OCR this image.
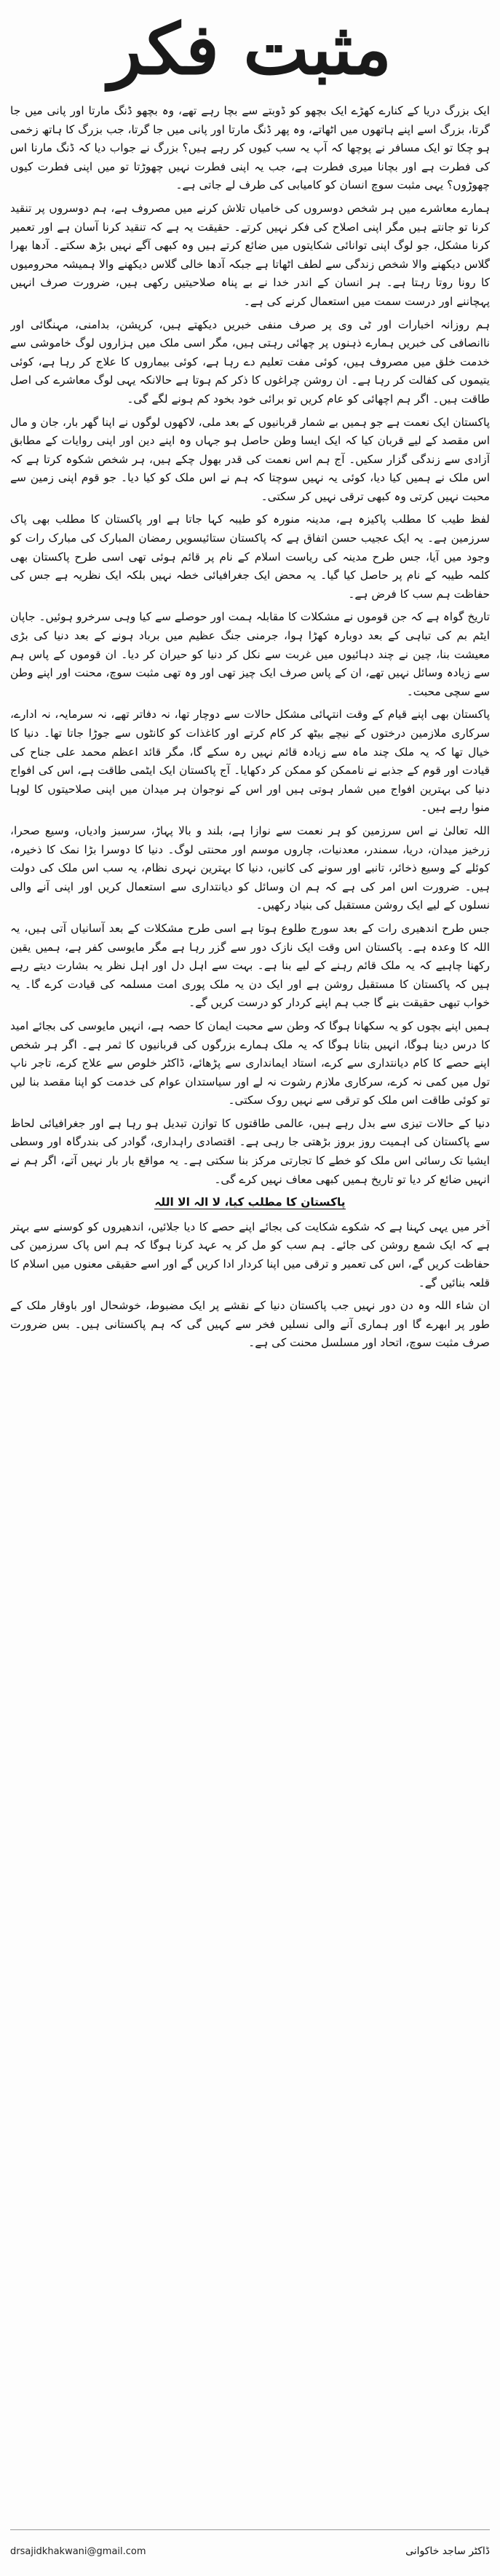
مثبت فکر

ایک بزرگ دریا کے کنارے کھڑے ایک بچھو کو ڈوبتے سے بچا رہے تھے، وہ بچھو ڈنگ مارتا اور پانی میں جا گرتا، بزرگ اسے اپنے ہاتھوں میں اٹھاتے، وہ پھر ڈنگ مارتا اور پانی میں جا گرتا، جب بزرگ کا ہاتھ زخمی ہو چکا تو ایک مسافر نے پوچھا کہ آپ یہ سب کیوں کر رہے ہیں؟ بزرگ نے جواب دیا کہ ڈنگ مارنا اس کی فطرت ہے اور بچانا میری فطرت ہے، جب یہ اپنی فطرت نہیں چھوڑتا تو میں اپنی فطرت کیوں چھوڑوں؟ یہی مثبت سوچ انسان کو کامیابی کی طرف لے جاتی ہے۔

ہمارے معاشرے میں ہر شخص دوسروں کی خامیاں تلاش کرنے میں مصروف ہے، ہم دوسروں پر تنقید کرنا تو جانتے ہیں مگر اپنی اصلاح کی فکر نہیں کرتے۔ حقیقت یہ ہے کہ تنقید کرنا آسان ہے اور تعمیر کرنا مشکل، جو لوگ اپنی توانائی شکایتوں میں ضائع کرتے ہیں وہ کبھی آگے نہیں بڑھ سکتے۔ آدھا بھرا گلاس دیکھنے والا شخص زندگی سے لطف اٹھاتا ہے جبکہ آدھا خالی گلاس دیکھنے والا ہمیشہ محرومیوں کا رونا روتا رہتا ہے۔ ہر انسان کے اندر خدا نے بے پناہ صلاحیتیں رکھی ہیں، ضرورت صرف انہیں پہچاننے اور درست سمت میں استعمال کرنے کی ہے۔

ہم روزانہ اخبارات اور ٹی وی پر صرف منفی خبریں دیکھتے ہیں، کرپشن، بدامنی، مہنگائی اور ناانصافی کی خبریں ہمارے ذہنوں پر چھائی رہتی ہیں، مگر اسی ملک میں ہزاروں لوگ خاموشی سے خدمت خلق میں مصروف ہیں، کوئی مفت تعلیم دے رہا ہے، کوئی بیماروں کا علاج کر رہا ہے، کوئی یتیموں کی کفالت کر رہا ہے۔ ان روشن چراغوں کا ذکر کم ہوتا ہے حالانکہ یہی لوگ معاشرے کی اصل طاقت ہیں۔ اگر ہم اچھائی کو عام کریں تو برائی خود بخود کم ہونے لگے گی۔

پاکستان ایک نعمت ہے جو ہمیں بے شمار قربانیوں کے بعد ملی، لاکھوں لوگوں نے اپنا گھر بار، جان و مال اس مقصد کے لیے قربان کیا کہ ایک ایسا وطن حاصل ہو جہاں وہ اپنے دین اور اپنی روایات کے مطابق آزادی سے زندگی گزار سکیں۔ آج ہم اس نعمت کی قدر بھول چکے ہیں، ہر شخص شکوہ کرتا ہے کہ اس ملک نے ہمیں کیا دیا، کوئی یہ نہیں سوچتا کہ ہم نے اس ملک کو کیا دیا۔ جو قوم اپنی زمین سے محبت نہیں کرتی وہ کبھی ترقی نہیں کر سکتی۔

لفظ طیب کا مطلب پاکیزہ ہے، مدینہ منورہ کو طیبہ کہا جاتا ہے اور پاکستان کا مطلب بھی پاک سرزمین ہے۔ یہ ایک عجیب حسن اتفاق ہے کہ پاکستان ستائیسویں رمضان المبارک کی مبارک رات کو وجود میں آیا، جس طرح مدینہ کی ریاست اسلام کے نام پر قائم ہوئی تھی اسی طرح پاکستان بھی کلمہ طیبہ کے نام پر حاصل کیا گیا۔ یہ محض ایک جغرافیائی خطہ نہیں بلکہ ایک نظریہ ہے جس کی حفاظت ہم سب کا فرض ہے۔

تاریخ گواہ ہے کہ جن قوموں نے مشکلات کا مقابلہ ہمت اور حوصلے سے کیا وہی سرخرو ہوئیں۔ جاپان ایٹم بم کی تباہی کے بعد دوبارہ کھڑا ہوا، جرمنی جنگ عظیم میں برباد ہونے کے بعد دنیا کی بڑی معیشت بنا، چین نے چند دہائیوں میں غربت سے نکل کر دنیا کو حیران کر دیا۔ ان قوموں کے پاس ہم سے زیادہ وسائل نہیں تھے، ان کے پاس صرف ایک چیز تھی اور وہ تھی مثبت سوچ، محنت اور اپنے وطن سے سچی محبت۔

پاکستان بھی اپنے قیام کے وقت انتہائی مشکل حالات سے دوچار تھا، نہ دفاتر تھے، نہ سرمایہ، نہ ادارے، سرکاری ملازمین درختوں کے نیچے بیٹھ کر کام کرتے اور کاغذات کو کانٹوں سے جوڑا جاتا تھا۔ دنیا کا خیال تھا کہ یہ ملک چند ماہ سے زیادہ قائم نہیں رہ سکے گا، مگر قائد اعظم محمد علی جناح کی قیادت اور قوم کے جذبے نے ناممکن کو ممکن کر دکھایا۔ آج پاکستان ایک ایٹمی طاقت ہے، اس کی افواج دنیا کی بہترین افواج میں شمار ہوتی ہیں اور اس کے نوجوان ہر میدان میں اپنی صلاحیتوں کا لوہا منوا رہے ہیں۔

اللہ تعالیٰ نے اس سرزمین کو ہر نعمت سے نوازا ہے، بلند و بالا پہاڑ، سرسبز وادیاں، وسیع صحرا، زرخیز میدان، دریا، سمندر، معدنیات، چاروں موسم اور محنتی لوگ۔ دنیا کا دوسرا بڑا نمک کا ذخیرہ، کوئلے کے وسیع ذخائر، تانبے اور سونے کی کانیں، دنیا کا بہترین نہری نظام، یہ سب اس ملک کی دولت ہیں۔ ضرورت اس امر کی ہے کہ ہم ان وسائل کو دیانتداری سے استعمال کریں اور اپنی آنے والی نسلوں کے لیے ایک روشن مستقبل کی بنیاد رکھیں۔

جس طرح اندھیری رات کے بعد سورج طلوع ہوتا ہے اسی طرح مشکلات کے بعد آسانیاں آتی ہیں، یہ اللہ کا وعدہ ہے۔ پاکستان اس وقت ایک نازک دور سے گزر رہا ہے مگر مایوسی کفر ہے، ہمیں یقین رکھنا چاہیے کہ یہ ملک قائم رہنے کے لیے بنا ہے۔ بہت سے اہل دل اور اہل نظر یہ بشارت دیتے رہے ہیں کہ پاکستان کا مستقبل روشن ہے اور ایک دن یہ ملک پوری امت مسلمہ کی قیادت کرے گا۔ یہ خواب تبھی حقیقت بنے گا جب ہم اپنے کردار کو درست کریں گے۔

ہمیں اپنے بچوں کو یہ سکھانا ہوگا کہ وطن سے محبت ایمان کا حصہ ہے، انہیں مایوسی کی بجائے امید کا درس دینا ہوگا، انہیں بتانا ہوگا کہ یہ ملک ہمارے بزرگوں کی قربانیوں کا ثمر ہے۔ اگر ہر شخص اپنے حصے کا کام دیانتداری سے کرے، استاد ایمانداری سے پڑھائے، ڈاکٹر خلوص سے علاج کرے، تاجر ناپ تول میں کمی نہ کرے، سرکاری ملازم رشوت نہ لے اور سیاستدان عوام کی خدمت کو اپنا مقصد بنا لیں تو کوئی طاقت اس ملک کو ترقی سے نہیں روک سکتی۔

دنیا کے حالات تیزی سے بدل رہے ہیں، عالمی طاقتوں کا توازن تبدیل ہو رہا ہے اور جغرافیائی لحاظ سے پاکستان کی اہمیت روز بروز بڑھتی جا رہی ہے۔ اقتصادی راہداری، گوادر کی بندرگاہ اور وسطی ایشیا تک رسائی اس ملک کو خطے کا تجارتی مرکز بنا سکتی ہے۔ یہ مواقع بار بار نہیں آتے، اگر ہم نے انہیں ضائع کر دیا تو تاریخ ہمیں کبھی معاف نہیں کرے گی۔

پاکستان کا مطلب کیا، لا الہ الا اللہ

آخر میں یہی کہنا ہے کہ شکوے شکایت کی بجائے اپنے حصے کا دیا جلائیں، اندھیروں کو کوسنے سے بہتر ہے کہ ایک شمع روشن کی جائے۔ ہم سب کو مل کر یہ عہد کرنا ہوگا کہ ہم اس پاک سرزمین کی حفاظت کریں گے، اس کی تعمیر و ترقی میں اپنا کردار ادا کریں گے اور اسے حقیقی معنوں میں اسلام کا قلعہ بنائیں گے۔

ان شاء اللہ وہ دن دور نہیں جب پاکستان دنیا کے نقشے پر ایک مضبوط، خوشحال اور باوقار ملک کے طور پر ابھرے گا اور ہماری آنے والی نسلیں فخر سے کہیں گی کہ ہم پاکستانی ہیں۔ بس ضرورت صرف مثبت سوچ، اتحاد اور مسلسل محنت کی ہے۔

drsajidkhakwani@gmail.com	ڈاکٹر ساجد خاکوانی
